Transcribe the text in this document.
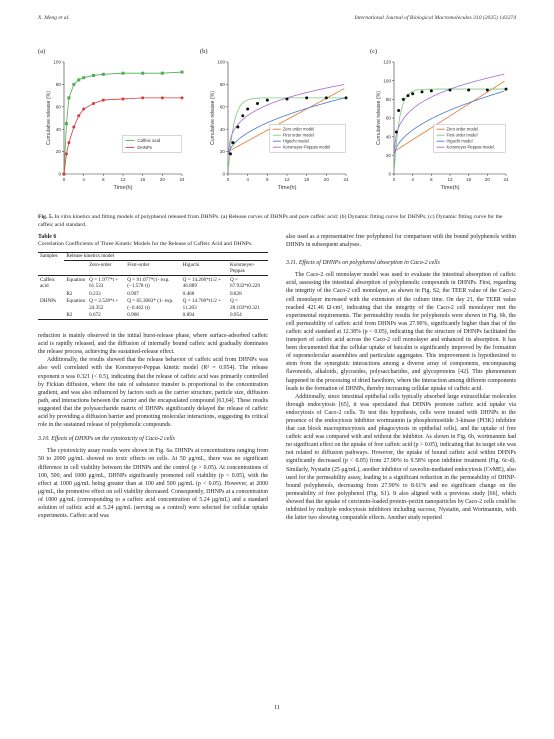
X. Meng et al.	International Journal of Biological Macromolecules 310 (2025) 143274
(a)	(b)	(c)
0	4	8	12	16	20	24
0
20
40
60
80
100
Time(h)
Cumulative release (%)	Caffeic acid
DHNPs
0	4	8	12	16	20	24
0
20
40
60
80
100
Time(h)
Cumulative release (%)	Zero order model
First order model
Higuchi model
Korsmeyer-Peppas model
0	4	8	12	16	20	24
0
20
40
60
80
100
120
Time(h)
Cumulative release (%)	Zero order model
First order model
Higuchi model
Korsmeyer-Peppas model
Fig. 5. In vitro kinetics and fitting models of polyphenol released from DHNPs. (a) Release curves of DHNPs and pure caffeic acid; (b) Dynamic fitting curve for DHNPs; (c) Dynamic fitting curve for the caffeic acid standard.
Table 6
Correlation Coefficients of Three Kinetic Models for the Release of Caffeic Acid and DHNPs.
Samples	Release kinetics model				
		Zero-order	First-order	Higuchi	Korsmeyer-Peppas
Caffeic acid	Equation	Q = 1.977*t + 61.533	Q = 91.077*(1- exp. (−1.578 t))	Q = 14.206*t1/2 + 46.889	Q = 67.932*t0.229
	R2	0.233	0.997	0.468	0.828
DHNPs	Equation	Q = 2.528*t + 24.352	Q = 65.3083* (1- exp. (−0.462 t))	Q = 14.760*t1/2 + 11.203	Q = 28.103*t0.321
	R2	0.672	0.968	0.894	0.954

reduction is mainly observed in the initial burst-release phase, where surface-adsorbed caffeic acid is rapidly released, and the diffusion of internally bound caffeic acid gradually dominates the release process, achieving the sustained-release effect.

Additionally, the results showed that the release behavior of caffeic acid from DHNPs was also well correlated with the Korsmeyer-Peppas kinetic model (R² = 0.954). The release exponent n was 0.321 (< 0.5), indicating that the release of caffeic acid was primarily controlled by Fickian diffusion, where the rate of substance transfer is proportional to the concentration gradient, and was also influenced by factors such as the carrier structure, particle size, diffusion path, and interactions between the carrier and the encapsulated compound [63,64]. These results suggested that the polysaccharide matrix of DHNPs significantly delayed the release of caffeic acid by providing a diffusion barrier and promoting molecular interactions, suggesting its critical role in the sustained release of polyphenolic compounds.

3.10. Effects of DHNPs on the cytotoxicity of Caco-2 cells

The cytotoxicity assay results were shown in Fig. 6a. DHNPs at concentrations ranging from 50 to 2000 μg/mL showed no toxic effects on cells. At 50 μg/mL, there was no significant difference in cell viability between the DHNPs and the control (p > 0.05). At concentrations of 100, 500, and 1000 μg/mL, DHNPs significantly promoted cell viability (p < 0.05), with the effect at 1000 μg/mL being greater than at 100 and 500 μg/mL (p < 0.05). However, at 2000 μg/mL, the promotive effect on cell viability decreased. Consequently, DHNPs at a concentration of 1000 μg/mL (corresponding to a caffeic acid concentration of 5.24 μg/mL) and a standard solution of caffeic acid at 5.24 μg/mL (serving as a control) were selected for cellular uptake experiments. Caffeic acid was

also used as a representative free polyphenol for comparison with the bound polyphenols within DHNPs in subsequent analyses.

3.11. Effects of DHNPs on polyphenol absorption in Caco-2 cells

The Caco-2 cell monolayer model was used to evaluate the intestinal absorption of caffeic acid, assessing the intestinal absorption of polyphenolic compounds in DHNPs. First, regarding the integrity of the Caco-2 cell monolayer, as shown in Fig. S2, the TEER value of the Caco-2 cell monolayer increased with the extension of the culture time. On day 21, the TEER value reached 421.46 Ω·cm², indicating that the integrity of the Caco-2 cell monolayer met the experimental requirements. The permeability results for polyphenols were shown in Fig. 6b, the cell permeability of caffeic acid from DHNPs was 27.90%, significantly higher than that of the caffeic acid standard at 12.38% (p < 0.05), indicating that the structure of DHNPs facilitated the transport of caffeic acid across the Caco-2 cell monolayer and enhanced its absorption. It has been documented that the cellular uptake of baicalin is significantly improved by the formation of supramolecular assemblies and particulate aggregates. This improvement is hypothesized to stem from the synergistic interactions among a diverse array of components, encompassing flavonoids, alkaloids, glycosides, polysaccharides, and glycoproteins [42]. This phenomenon happened in the processing of dried hawthorn, where the interaction among different components leads to the formation of DHNPs, thereby increasing cellular uptake of caffeic acid.

Additionally, since intestinal epithelial cells typically absorbed large extracellular molecules through endocytosis [65], it was speculated that DHNPs promote caffeic acid uptake via endocytosis of Caco-2 cells. To test this hypothesis, cells were treated with DHNPs in the presence of the endocytosis inhibitor wortmannin (a phosphoinositide 3-kinase (PI3K) inhibitor that can block macropinocytosis and phagocytosis in epithelial cells), and the uptake of free caffeic acid was compared with and without the inhibitor. As shown in Fig. 6b, wortmannin had no significant effect on the uptake of free caffeic acid (p > 0.05), indicating that its target site was not related to diffusion pathways. However, the uptake of bound caffeic acid within DHNPs significantly decreased (p < 0.05) from 27.90% to 9.58% upon inhibitor treatment (Fig. 6c-d). Similarly, Nystatin (25 μg/mL), another inhibitor of caveolin-mediated endocytosis (CvME), also used for the permeability assay, leading to a significant reduction in the permeability of DHNP-bound polyphenols, decreasing from 27.90% to 8.61% and no significant change on the permeability of free polyphenol (Fig. S1). It also aligned with a previous study [66], which showed that the uptake of curcumin-loaded protein–pectin nanoparticles by Caco-2 cells could be inhibited by multiple endocytosis inhibitors including sucrose, Nystatin, and Wortmannin, with the latter two showing comparable effects. Another study reported

11
